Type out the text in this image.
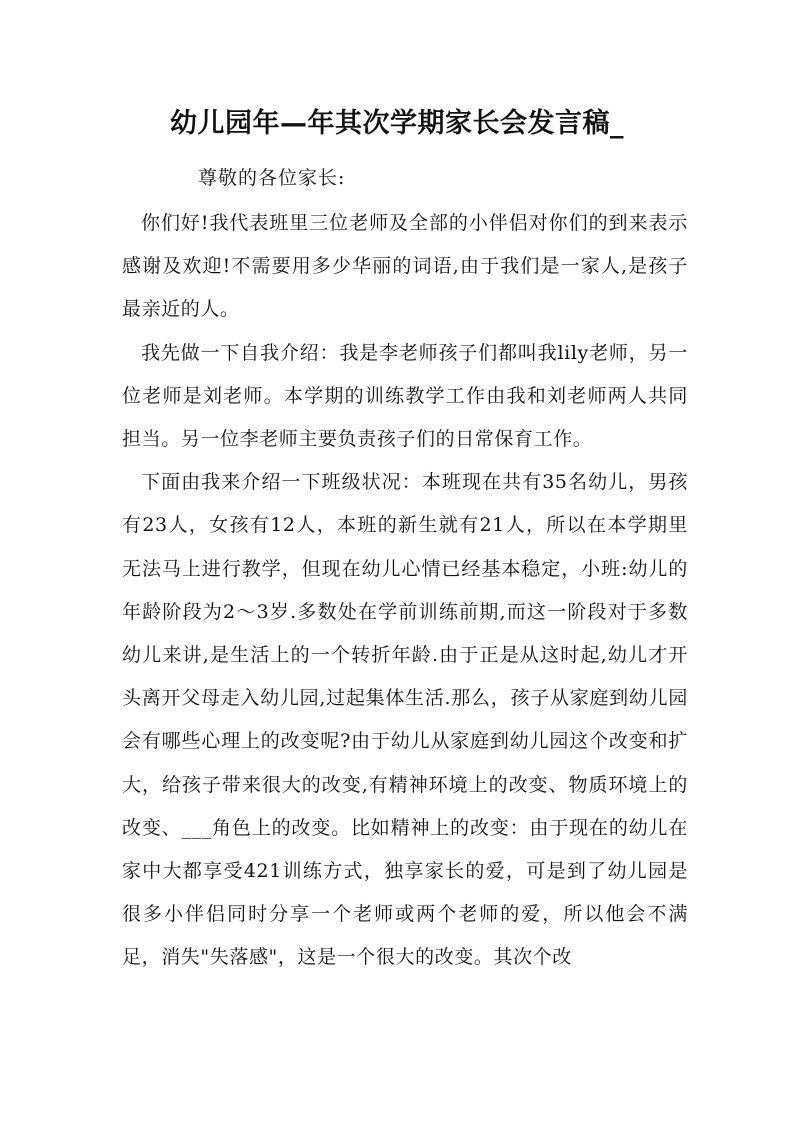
幼儿园年—年其次学期家长会发言稿_

尊敬的各位家长:

你们好!我代表班里三位老师及全部的小伴侣对你们的到来表示感谢及欢迎!不需要用多少华丽的词语,由于我们是一家人,是孩子最亲近的人。

我先做一下自我介绍：我是李老师孩子们都叫我lily老师，另一位老师是刘老师。本学期的训练教学工作由我和刘老师两人共同担当。另一位李老师主要负责孩子们的日常保育工作。

下面由我来介绍一下班级状况：本班现在共有35名幼儿，男孩有23人，女孩有12人，本班的新生就有21人，所以在本学期里无法马上进行教学，但现在幼儿心情已经基本稳定，小班:幼儿的年龄阶段为2～3岁.多数处在学前训练前期,而这一阶段对于多数幼儿来讲,是生活上的一个转折年龄.由于正是从这时起,幼儿才开头离开父母走入幼儿园,过起集体生活.那么，孩子从家庭到幼儿园会有哪些心理上的改变呢?由于幼儿从家庭到幼儿园这个改变和扩大，给孩子带来很大的改变,有精神环境上的改变、物质环境上的改变、___角色上的改变。比如精神上的改变：由于现在的幼儿在家中大都享受421训练方式，独享家长的爱，可是到了幼儿园是很多小伴侣同时分享一个老师或两个老师的爱，所以他会不满足，消失"失落感"，这是一个很大的改变。其次个改
